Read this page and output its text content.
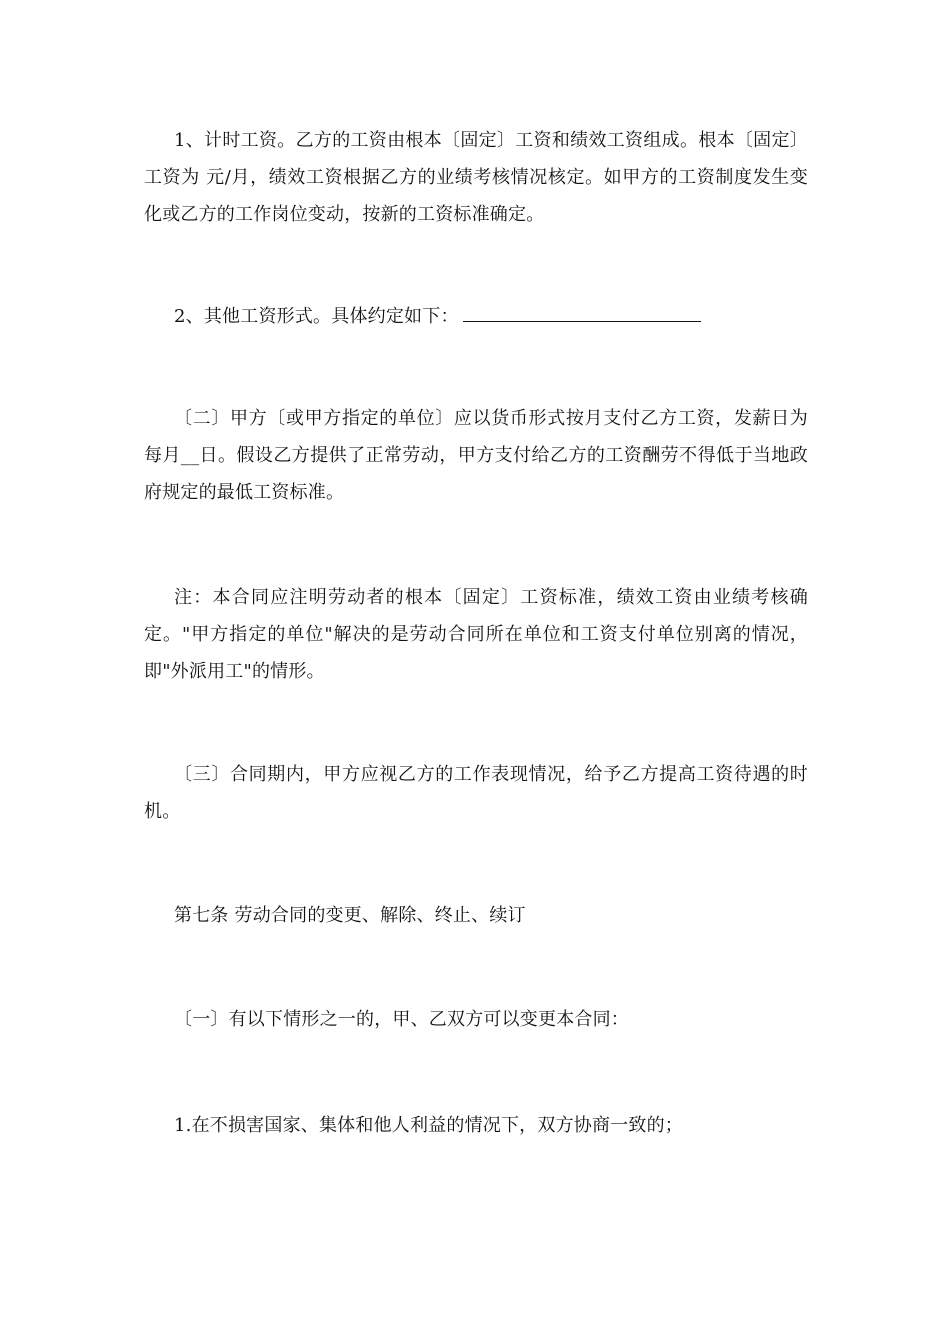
1、计时工资。乙方的工资由根本〔固定〕工资和绩效工资组成。根本〔固定〕工资为 元/月，绩效工资根据乙方的业绩考核情况核定。如甲方的工资制度发生变化或乙方的工作岗位变动，按新的工资标准确定。

2、其他工资形式。具体约定如下：

〔二〕甲方〔或甲方指定的单位〕应以货币形式按月支付乙方工资，发薪日为每月__日。假设乙方提供了正常劳动，甲方支付给乙方的工资酬劳不得低于当地政府规定的最低工资标准。

注：本合同应注明劳动者的根本〔固定〕工资标准，绩效工资由业绩考核确定。"甲方指定的单位"解决的是劳动合同所在单位和工资支付单位别离的情况，即"外派用工"的情形。

〔三〕合同期内，甲方应视乙方的工作表现情况，给予乙方提高工资待遇的时机。

第七条 劳动合同的变更、解除、终止、续订

〔一〕有以下情形之一的，甲、乙双方可以变更本合同：

1.在不损害国家、集体和他人利益的情况下，双方协商一致的；
